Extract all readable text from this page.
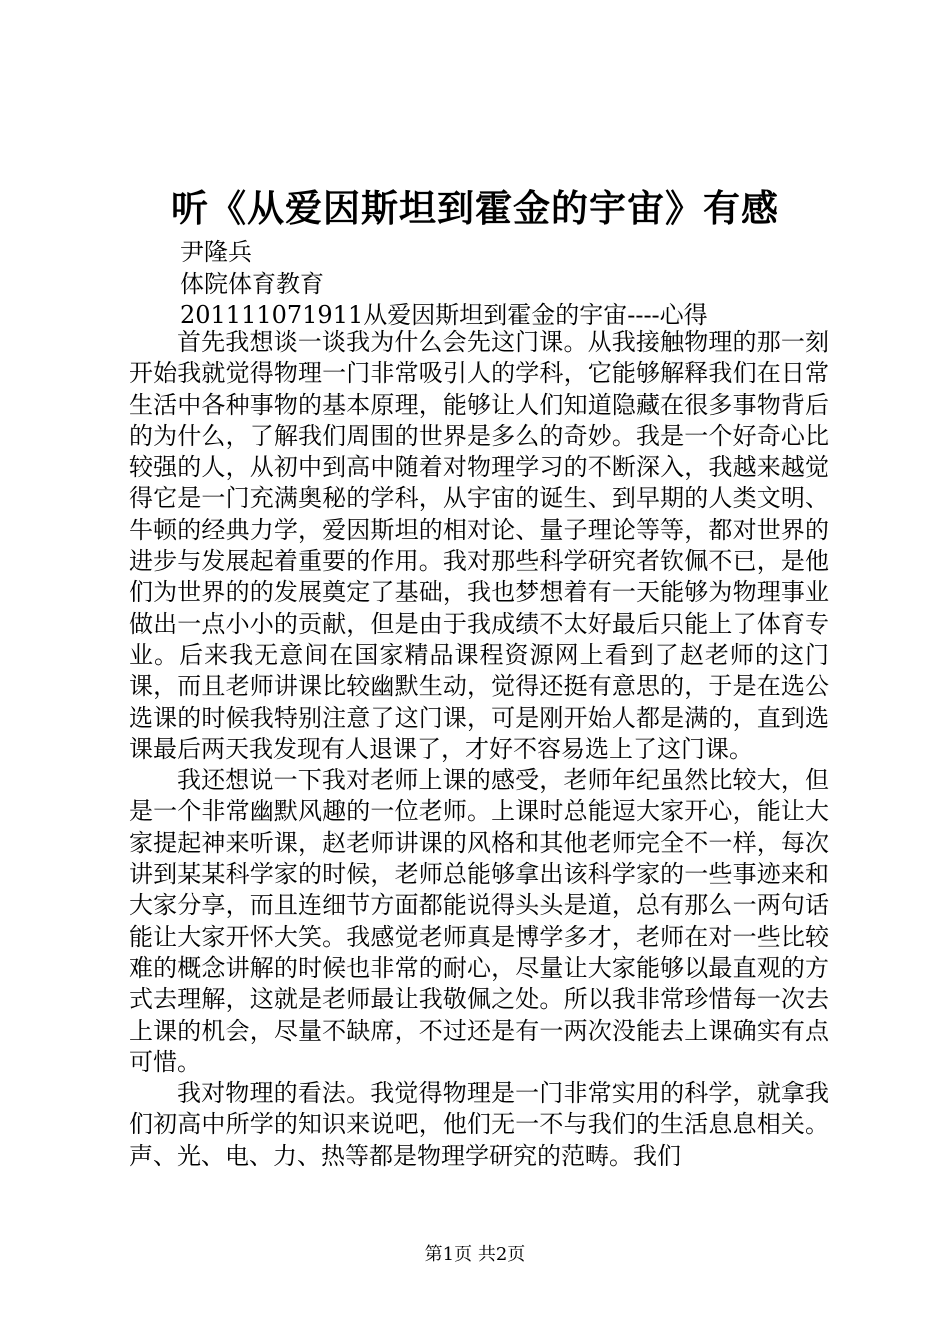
听《从爱因斯坦到霍金的宇宙》有感
尹隆兵
体院体育教育
201111071911从爱因斯坦到霍金的宇宙----心得

首先我想谈一谈我为什么会先这门课。从我接触物理的那一刻开始我就觉得物理一门非常吸引人的学科，它能够解释我们在日常生活中各种事物的基本原理，能够让人们知道隐藏在很多事物背后的为什么，了解我们周围的世界是多么的奇妙。我是一个好奇心比较强的人，从初中到高中随着对物理学习的不断深入，我越来越觉得它是一门充满奥秘的学科，从宇宙的诞生、到早期的人类文明、牛顿的经典力学，爱因斯坦的相对论、量子理论等等，都对世界的进步与发展起着重要的作用。我对那些科学研究者钦佩不已，是他们为世界的的发展奠定了基础，我也梦想着有一天能够为物理事业做出一点小小的贡献，但是由于我成绩不太好最后只能上了体育专业。后来我无意间在国家精品课程资源网上看到了赵老师的这门课，而且老师讲课比较幽默生动，觉得还挺有意思的，于是在选公选课的时候我特别注意了这门课，可是刚开始人都是满的，直到选课最后两天我发现有人退课了，才好不容易选上了这门课。

我还想说一下我对老师上课的感受，老师年纪虽然比较大，但是一个非常幽默风趣的一位老师。上课时总能逗大家开心，能让大家提起神来听课，赵老师讲课的风格和其他老师完全不一样，每次讲到某某科学家的时候，老师总能够拿出该科学家的一些事迹来和大家分享，而且连细节方面都能说得头头是道，总有那么一两句话能让大家开怀大笑。我感觉老师真是博学多才，老师在对一些比较难的概念讲解的时候也非常的耐心，尽量让大家能够以最直观的方式去理解，这就是老师最让我敬佩之处。所以我非常珍惜每一次去上课的机会，尽量不缺席，不过还是有一两次没能去上课确实有点可惜。

我对物理的看法。我觉得物理是一门非常实用的科学，就拿我们初高中所学的知识来说吧，他们无一不与我们的生活息息相关。声、光、电、力、热等都是物理学研究的范畴。我们

第1页 共2页
